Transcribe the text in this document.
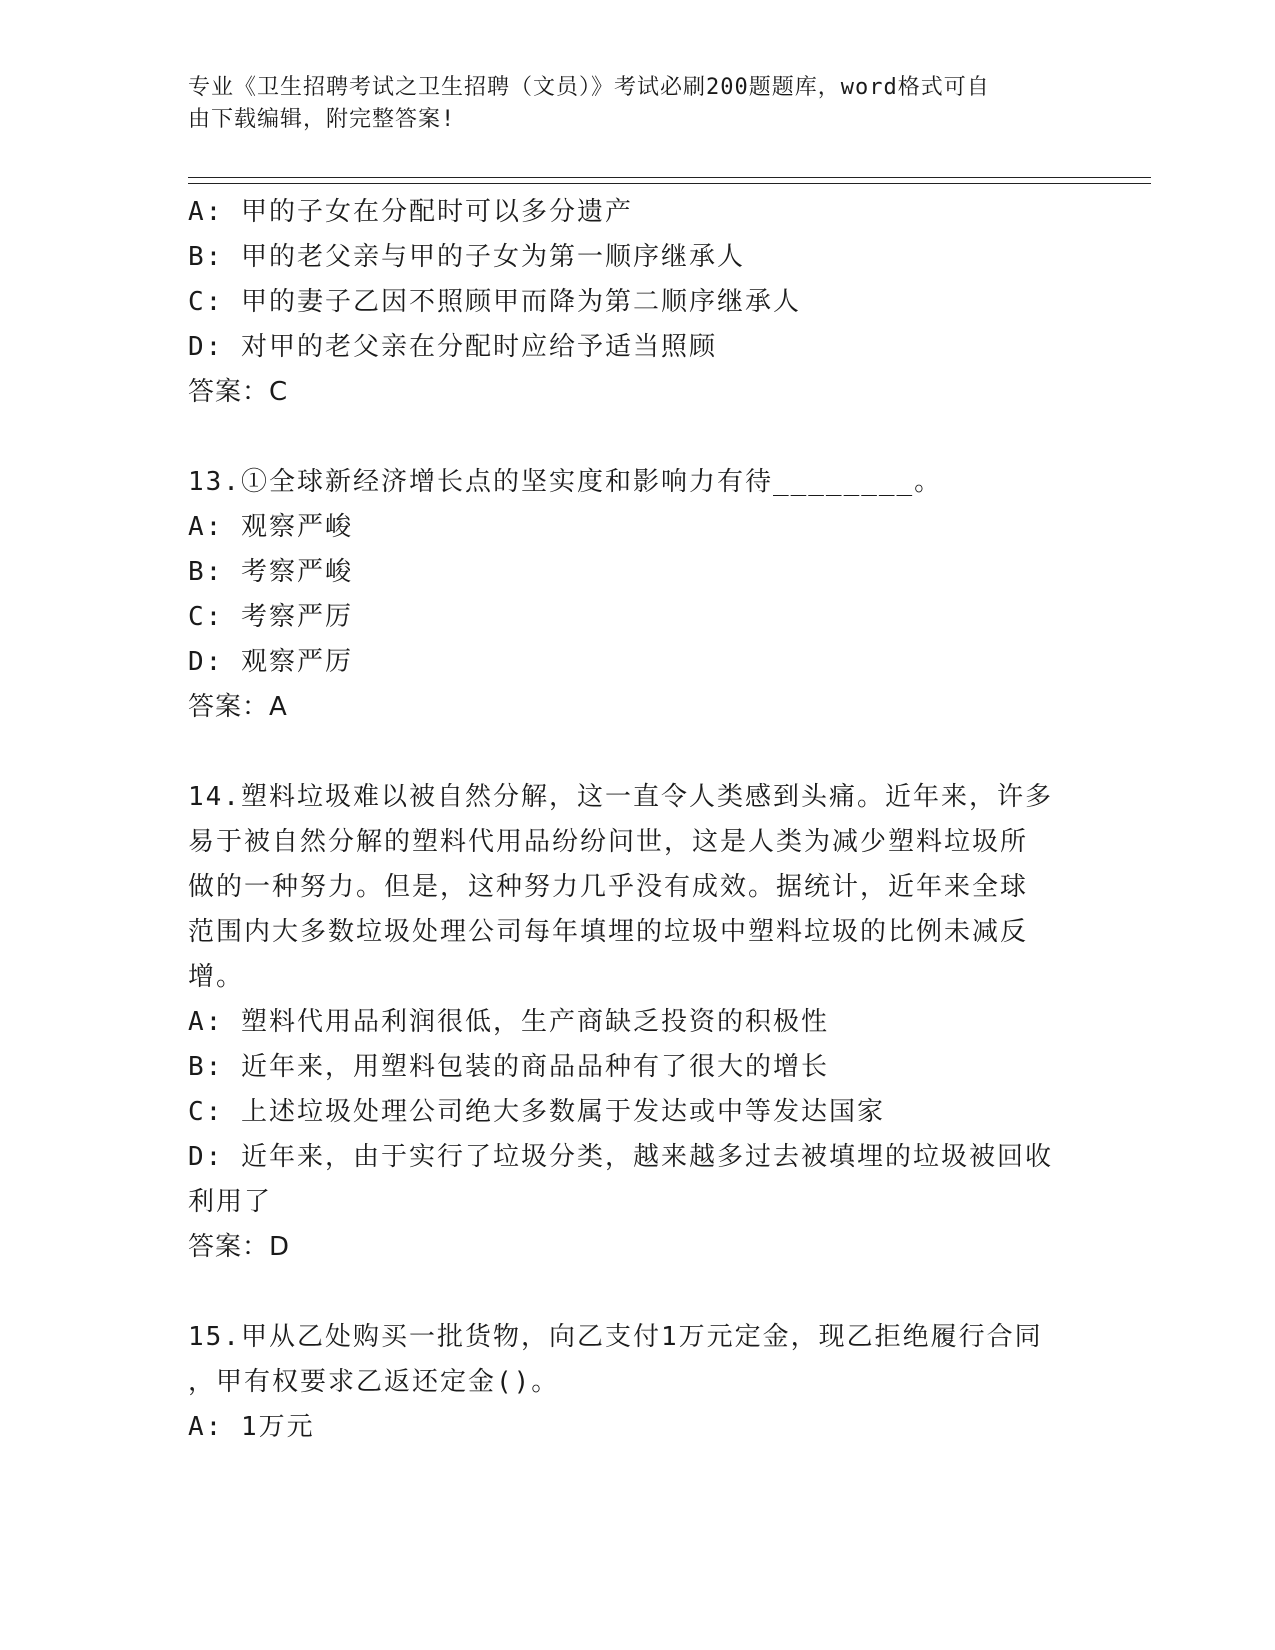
专业《卫生招聘考试之卫生招聘（文员）》考试必刷200题题库，word格式可自
由下载编辑，附完整答案!
A: 甲的子女在分配时可以多分遗产
B: 甲的老父亲与甲的子女为第一顺序继承人
C: 甲的妻子乙因不照顾甲而降为第二顺序继承人
D: 对甲的老父亲在分配时应给予适当照顾
答案：C
13.①全球新经济增长点的坚实度和影响力有待________。
A: 观察严峻
B: 考察严峻
C: 考察严厉
D: 观察严厉
答案：A
14.塑料垃圾难以被自然分解，这一直令人类感到头痛。近年来，许多
易于被自然分解的塑料代用品纷纷问世，这是人类为减少塑料垃圾所
做的一种努力。但是，这种努力几乎没有成效。据统计，近年来全球
范围内大多数垃圾处理公司每年填埋的垃圾中塑料垃圾的比例未减反
增。
A: 塑料代用品利润很低，生产商缺乏投资的积极性
B: 近年来，用塑料包装的商品品种有了很大的增长
C: 上述垃圾处理公司绝大多数属于发达或中等发达国家
D: 近年来，由于实行了垃圾分类，越来越多过去被填埋的垃圾被回收
利用了
答案：D
15.甲从乙处购买一批货物，向乙支付1万元定金，现乙拒绝履行合同
，甲有权要求乙返还定金()。
A: 1万元
